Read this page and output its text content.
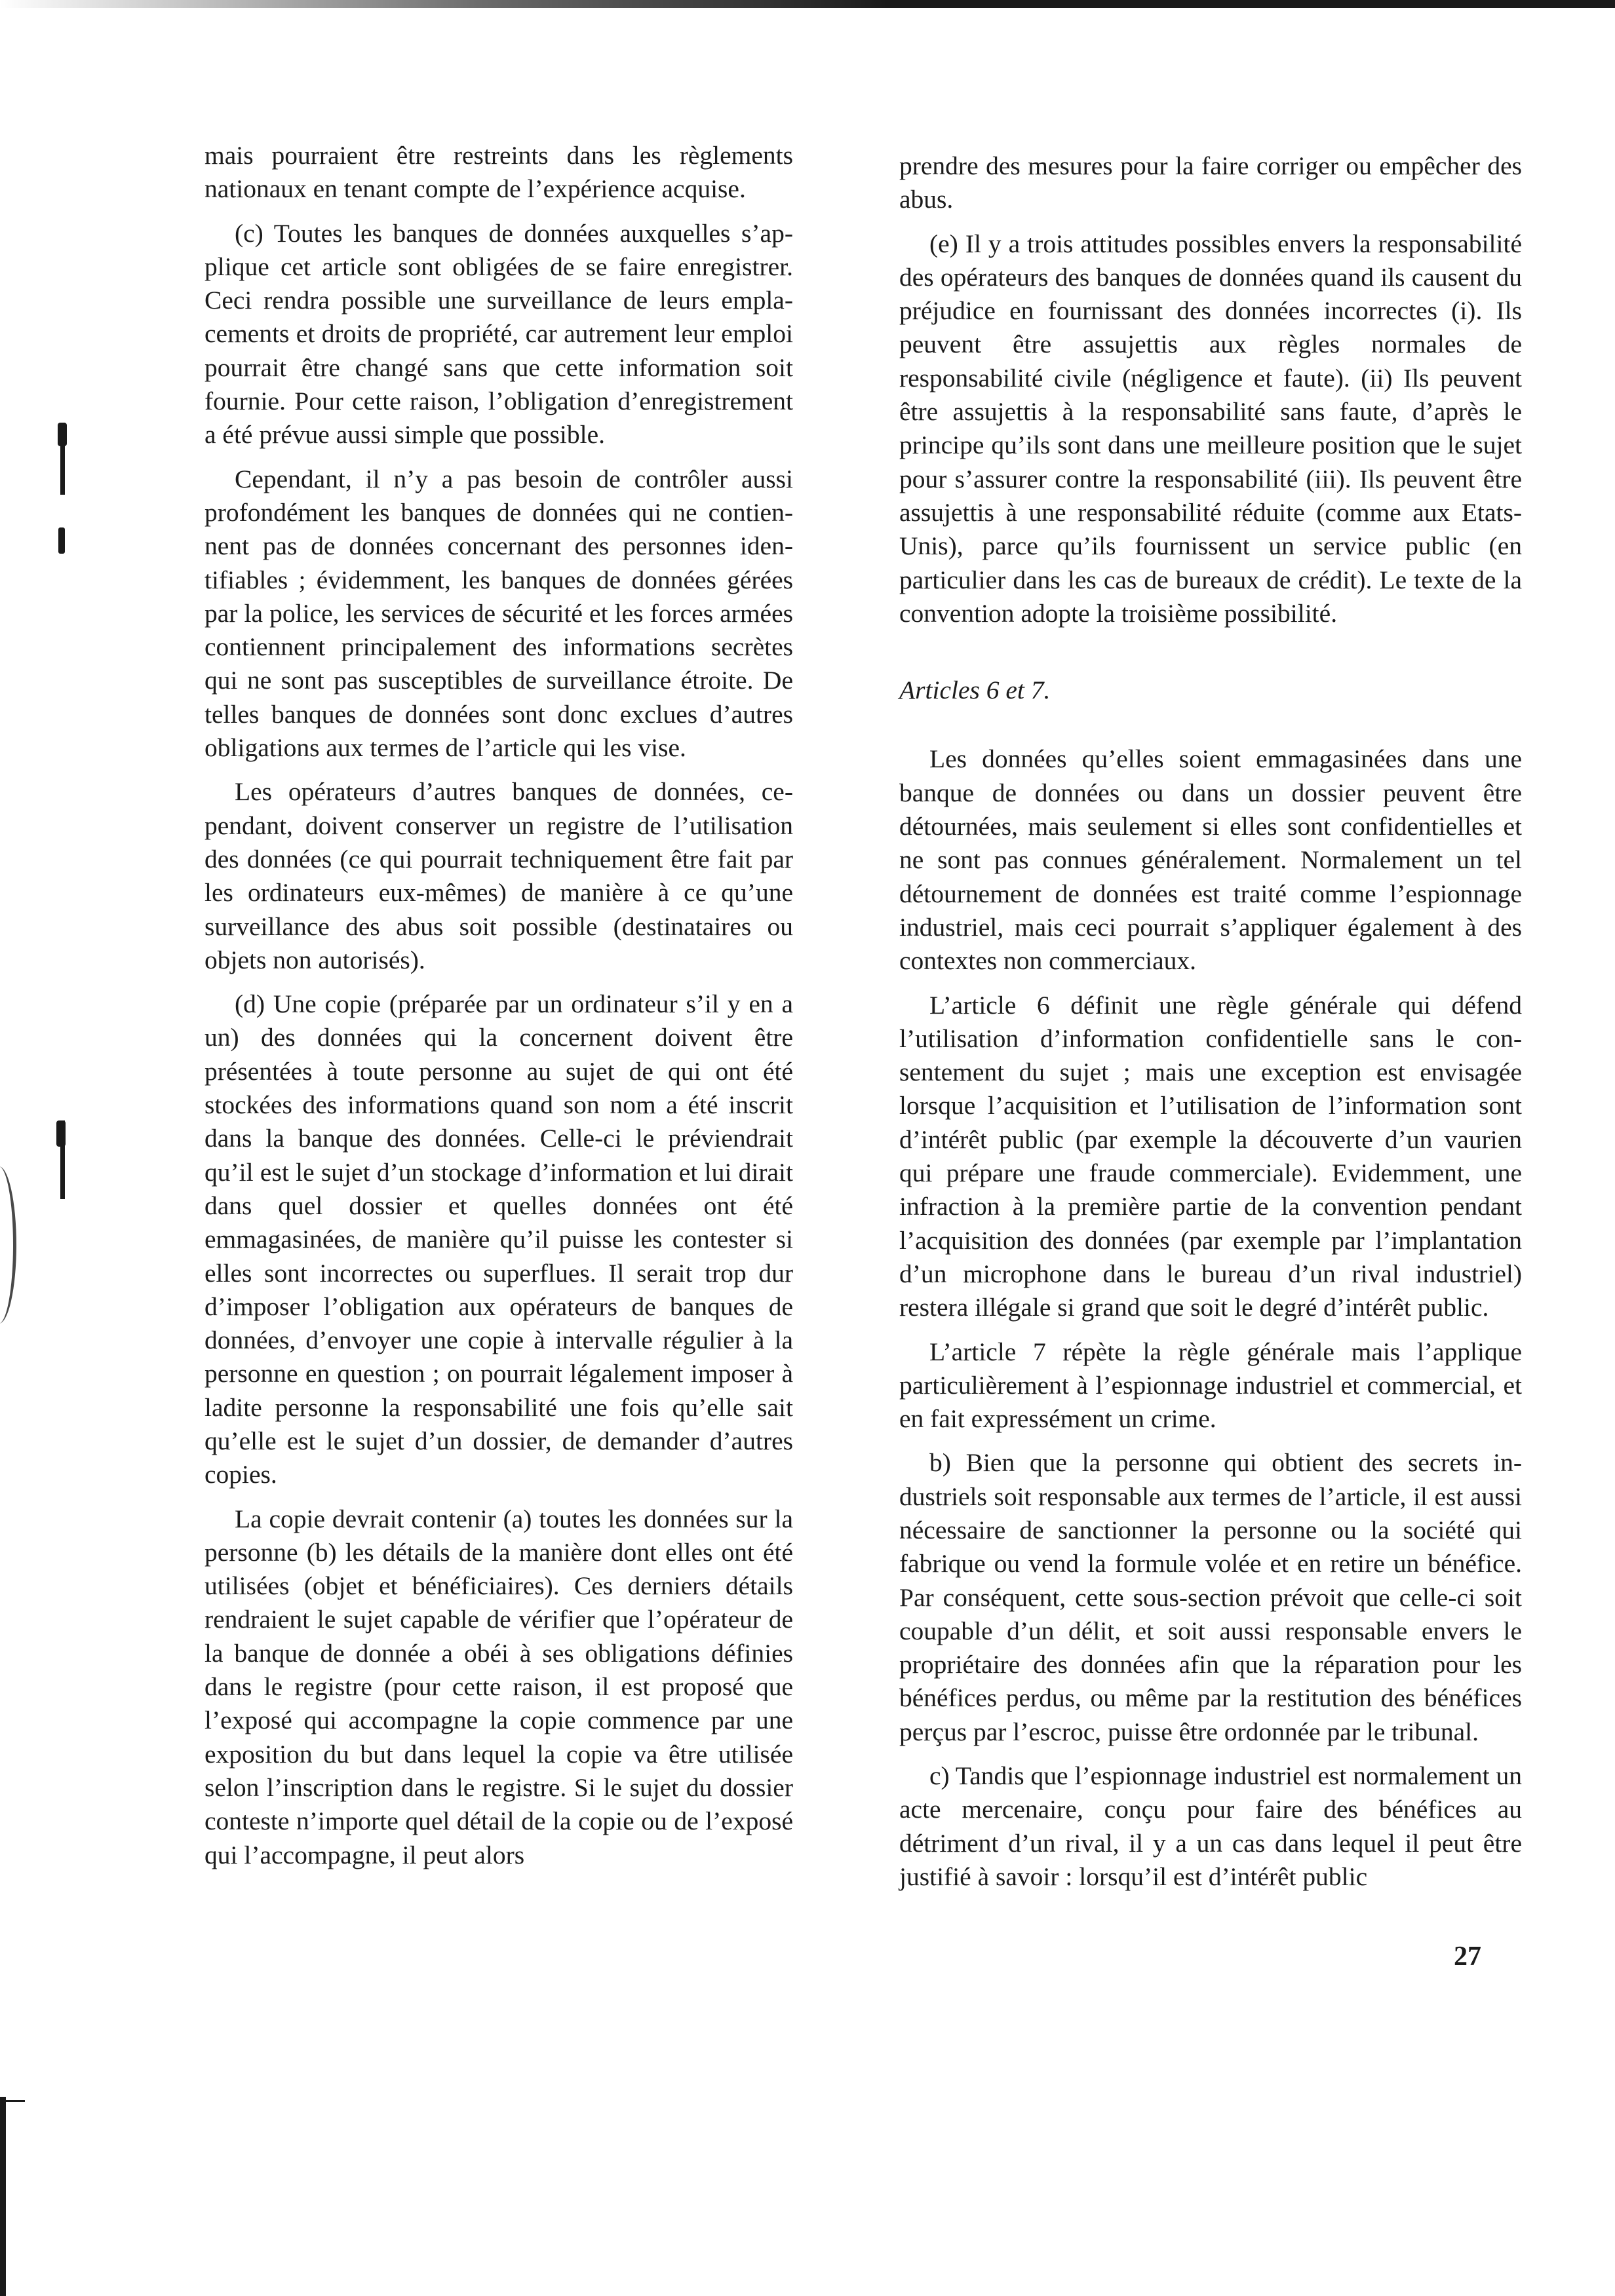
mais pourraient être restreints dans les règlements nationaux en tenant compte de l’expérience acquise.

(c) Toutes les banques de données auxquelles s’applique cet article sont obligées de se faire enregistrer. Ceci rendra possible une surveillance de leurs emplacements et droits de propriété, car autrement leur emploi pourrait être changé sans que cette information soit fournie. Pour cette raison, l’obligation d’enregistrement a été prévue aussi simple que possible.

Cependant, il n’y a pas besoin de contrôler aussi profondément les banques de données qui ne contiennent pas de données concernant des personnes identifiables ; évidemment, les banques de données gérées par la police, les services de sécurité et les forces armées contiennent principalement des informations secrètes qui ne sont pas susceptibles de surveillance étroite. De telles banques de données sont donc exclues d’autres obligations aux termes de l’article qui les vise.

Les opérateurs d’autres banques de données, cependant, doivent conserver un registre de l’utilisation des données (ce qui pourrait techniquement être fait par les ordinateurs eux-mêmes) de manière à ce qu’une surveillance des abus soit possible (destinataires ou objets non autorisés).

(d) Une copie (préparée par un ordinateur s’il y en a un) des données qui la concernent doivent être présentées à toute personne au sujet de qui ont été stockées des informations quand son nom a été inscrit dans la banque des données. Celle-ci le préviendrait qu’il est le sujet d’un stockage d’information et lui dirait dans quel dossier et quelles données ont été emmagasinées, de manière qu’il puisse les contester si elles sont incorrectes ou superflues. Il serait trop dur d’imposer l’obligation aux opérateurs de banques de données, d’envoyer une copie à intervalle régulier à la personne en question ; on pourrait légalement imposer à ladite personne la responsabilité une fois qu’elle sait qu’elle est le sujet d’un dossier, de demander d’autres copies.

La copie devrait contenir (a) toutes les données sur la personne (b) les détails de la manière dont elles ont été utilisées (objet et bénéficiaires). Ces derniers détails rendraient le sujet capable de vérifier que l’opérateur de la banque de donnée a obéi à ses obligations définies dans le registre (pour cette raison, il est proposé que l’exposé qui accompagne la copie commence par une exposition du but dans lequel la copie va être utilisée selon l’inscription dans le registre. Si le sujet du dossier conteste n’importe quel détail de la copie ou de l’exposé qui l’accompagne, il peut alors

prendre des mesures pour la faire corriger ou empêcher des abus.

(e) Il y a trois attitudes possibles envers la responsabilité des opérateurs des banques de données quand ils causent du préjudice en fournissant des données incorrectes (i). Ils peuvent être assujettis aux règles normales de responsabilité civile (négligence et faute). (ii) Ils peuvent être assujettis à la responsabilité sans faute, d’après le principe qu’ils sont dans une meilleure position que le sujet pour s’assurer contre la responsabilité (iii). Ils peuvent être assujettis à une responsabilité réduite (comme aux Etats-Unis), parce qu’ils fournissent un service public (en particulier dans les cas de bureaux de crédit). Le texte de la convention adopte la troisième possibilité.

Articles 6 et 7.

Les données qu’elles soient emmagasinées dans une banque de données ou dans un dossier peuvent être détournées, mais seulement si elles sont confidentielles et ne sont pas connues généralement. Normalement un tel détournement de données est traité comme l’espionnage industriel, mais ceci pourrait s’appliquer également à des contextes non commerciaux.

L’article 6 définit une règle générale qui défend l’utilisation d’information confidentielle sans le consentement du sujet ; mais une exception est envisagée lorsque l’acquisition et l’utilisation de l’information sont d’intérêt public (par exemple la découverte d’un vaurien qui prépare une fraude commerciale). Evidemment, une infraction à la première partie de la convention pendant l’acquisition des données (par exemple par l’implantation d’un microphone dans le bureau d’un rival industriel) restera illégale si grand que soit le degré d’intérêt public.

L’article 7 répète la règle générale mais l’applique particulièrement à l’espionnage industriel et commercial, et en fait expressément un crime.

b) Bien que la personne qui obtient des secrets industriels soit responsable aux termes de l’article, il est aussi nécessaire de sanctionner la personne ou la société qui fabrique ou vend la formule volée et en retire un bénéfice. Par conséquent, cette sous-section prévoit que celle-ci soit coupable d’un délit, et soit aussi responsable envers le propriétaire des données afin que la réparation pour les bénéfices perdus, ou même par la restitution des bénéfices perçus par l’escroc, puisse être ordonnée par le tribunal.

c) Tandis que l’espionnage industriel est normalement un acte mercenaire, conçu pour faire des bénéfices au détriment d’un rival, il y a un cas dans lequel il peut être justifié à savoir : lorsqu’il est d’intérêt public

27
